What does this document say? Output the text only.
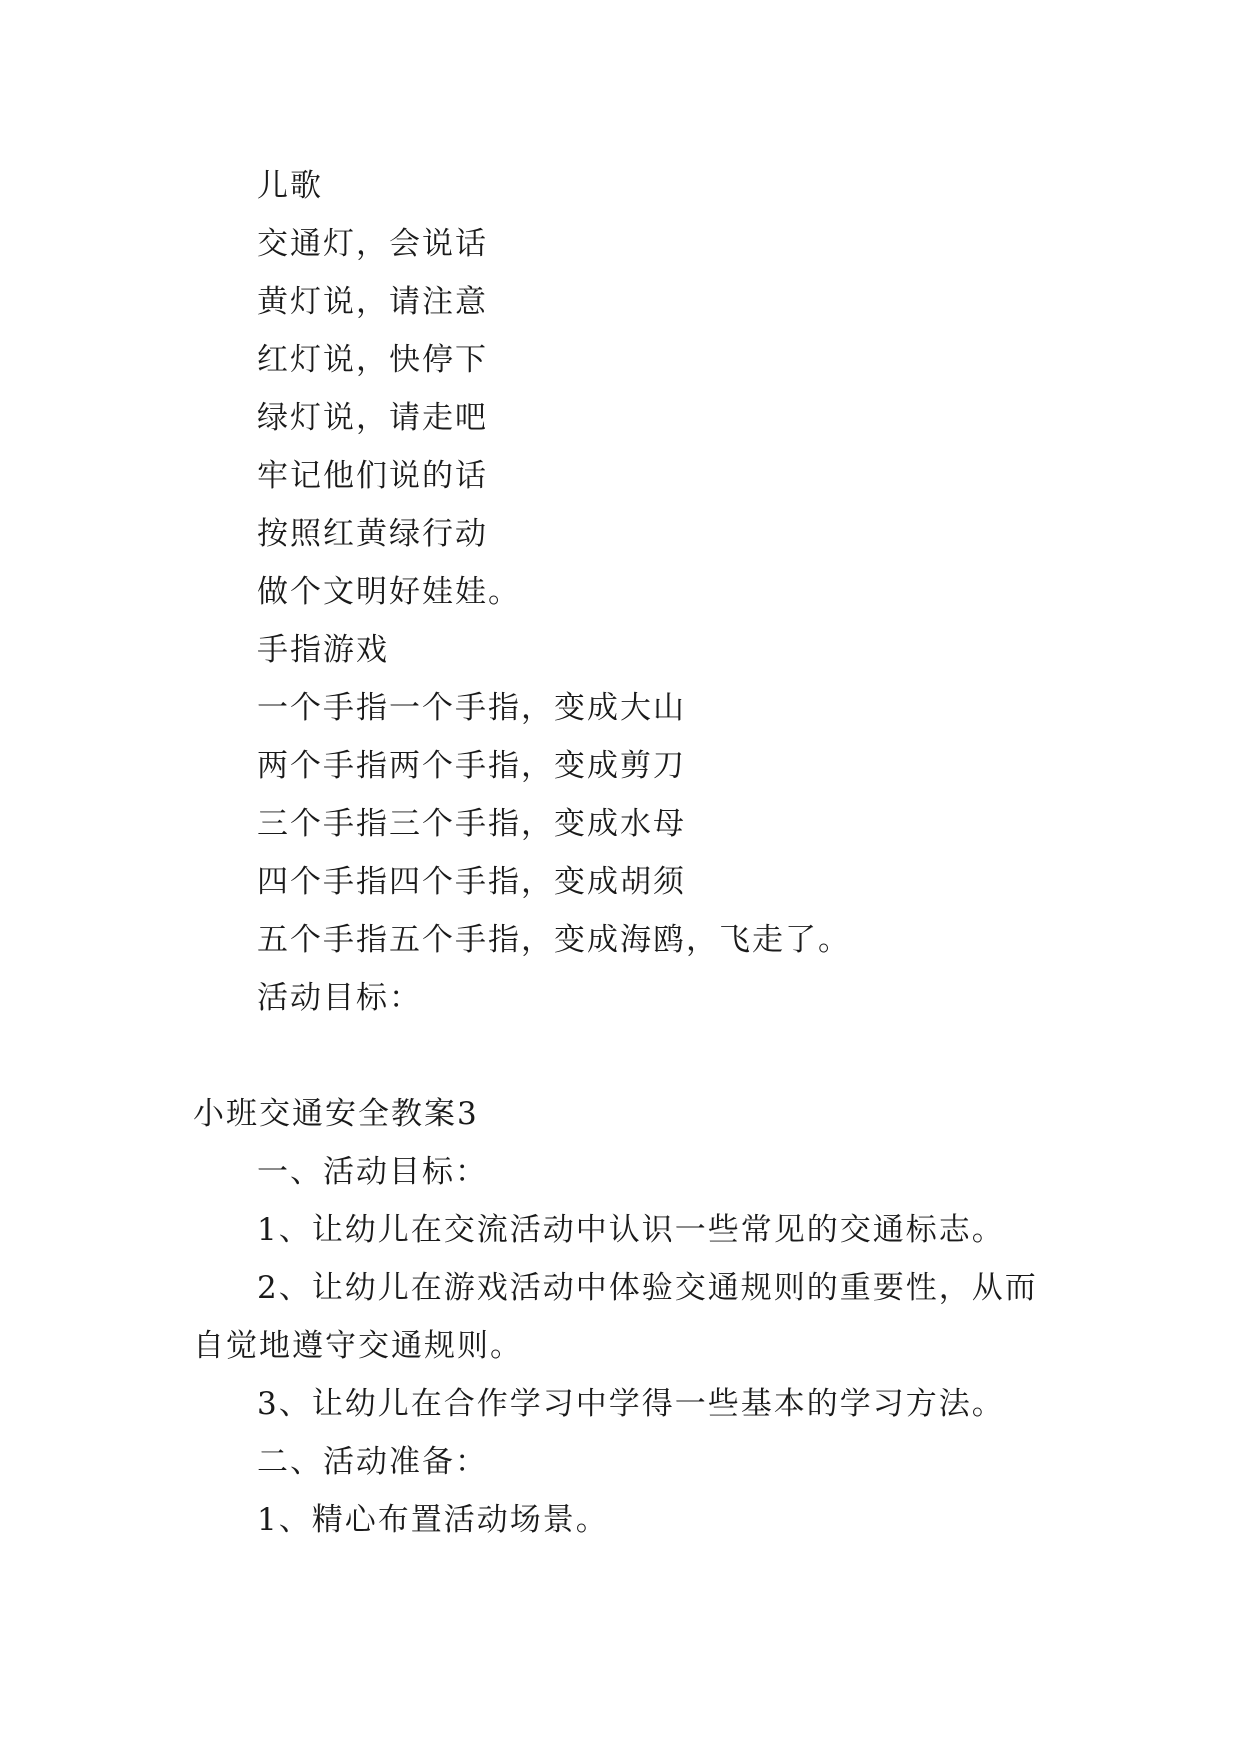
儿歌
交通灯，会说话
黄灯说，请注意
红灯说，快停下
绿灯说，请走吧
牢记他们说的话
按照红黄绿行动
做个文明好娃娃。
手指游戏
一个手指一个手指，变成大山
两个手指两个手指，变成剪刀
三个手指三个手指，变成水母
四个手指四个手指，变成胡须
五个手指五个手指，变成海鸥，飞走了。
活动目标：
小班交通安全教案3
一、活动目标：
1、让幼儿在交流活动中认识一些常见的交通标志。
2、让幼儿在游戏活动中体验交通规则的重要性，从而
自觉地遵守交通规则。
3、让幼儿在合作学习中学得一些基本的学习方法。
二、活动准备：
1、精心布置活动场景。
